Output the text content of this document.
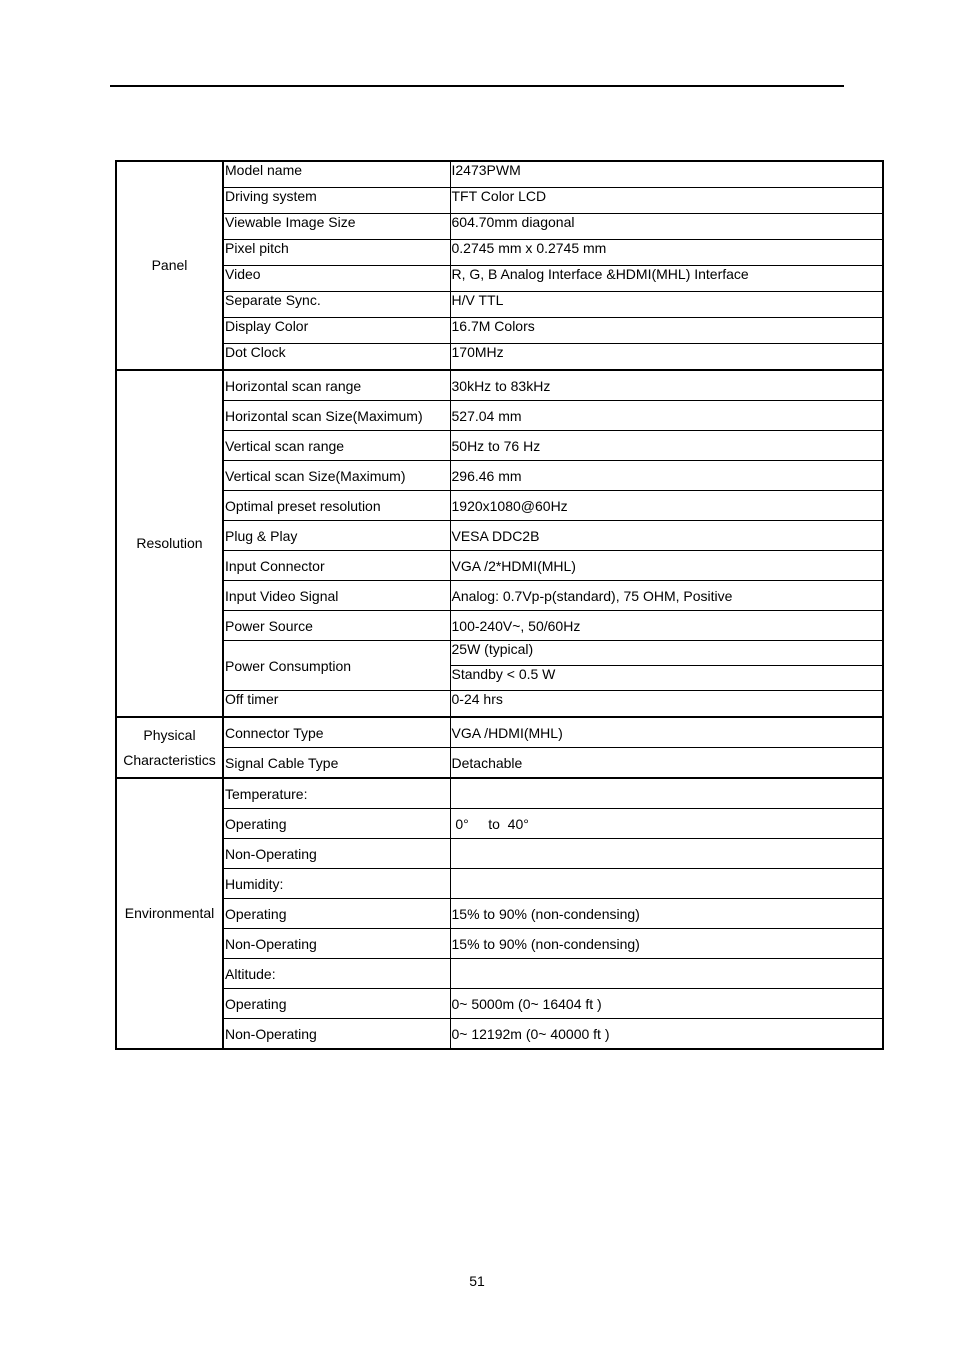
Panel	Model name	I2473PWM
	Driving system	TFT Color LCD
	Viewable Image Size	604.70mm diagonal
	Pixel pitch	0.2745 mm x 0.2745 mm
	Video	R, G, B Analog Interface &HDMI(MHL) Interface
	Separate Sync.	H/V TTL
	Display Color	16.7M Colors
	Dot Clock	170MHz
Resolution	Horizontal scan range	30kHz to 83kHz
	Horizontal scan Size(Maximum)	527.04 mm
	Vertical scan range	50Hz to 76 Hz
	Vertical scan Size(Maximum)	296.46 mm
	Optimal preset resolution	1920x1080@60Hz
	Plug & Play	VESA DDC2B
	Input Connector	VGA /2*HDMI(MHL)
	Input Video Signal	Analog: 0.7Vp-p(standard), 75 OHM, Positive
	Power Source	100-240V~, 50/60Hz
	Power Consumption	25W (typical)
		Standby < 0.5 W
	Off timer	0-24 hrs
Physical
Characteristics	Connector Type	VGA /HDMI(MHL)
	Signal Cable Type	Detachable
Environmental	Temperature:	
	Operating	0°     to  40°
	Non-Operating	
	Humidity:	
	Operating	15% to 90% (non-condensing)
	Non-Operating	15% to 90% (non-condensing)
	Altitude:	
	Operating	0~ 5000m (0~ 16404 ft )
	Non-Operating	0~ 12192m (0~ 40000 ft )
51
